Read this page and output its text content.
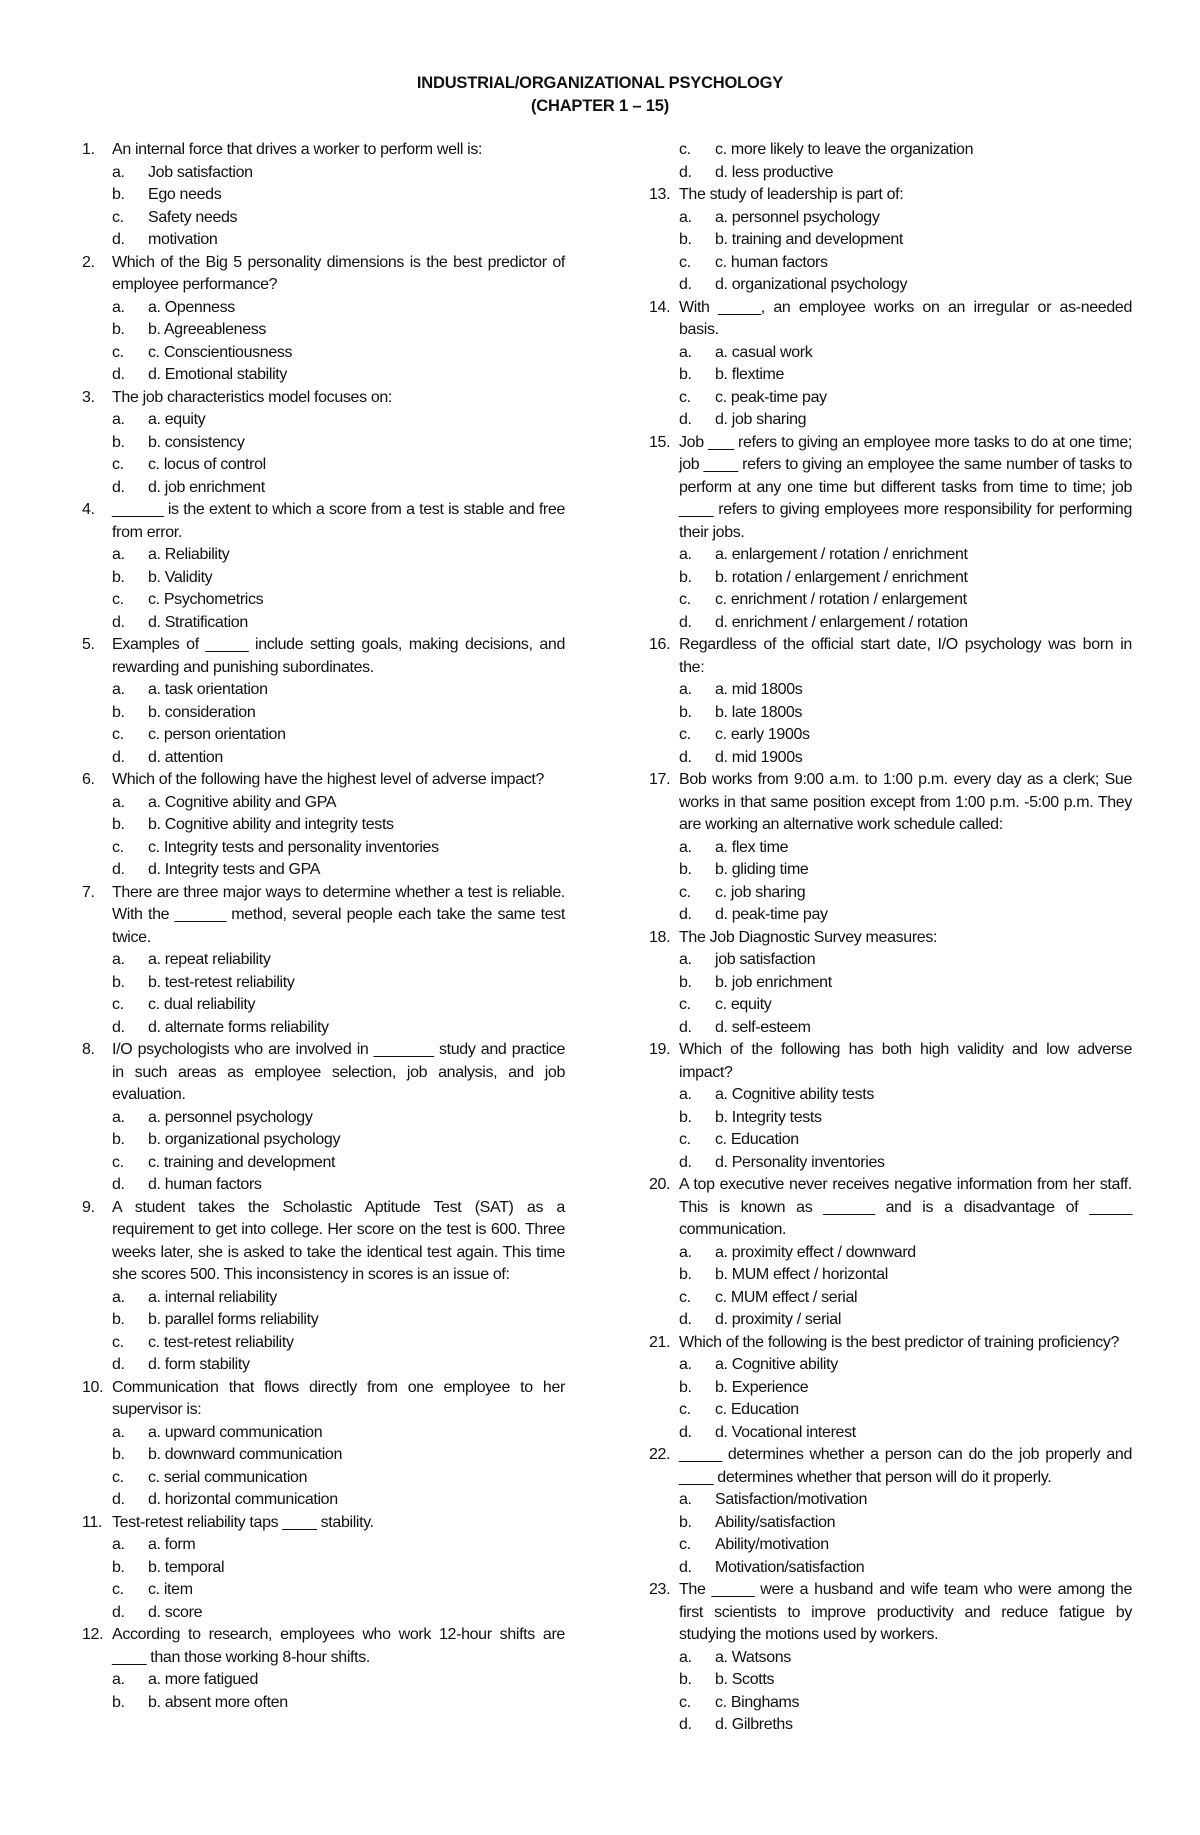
INDUSTRIAL/ORGANIZATIONAL PSYCHOLOGY
(CHAPTER 1 – 15)
1.	An internal force that drives a worker to perform well is:
a. Job satisfaction
b. Ego needs
c. Safety needs
d. motivation
2.	Which of the Big 5 personality dimensions is the best predictor of employee performance?
a. a. Openness
b. b. Agreeableness
c. c. Conscientiousness
d. d. Emotional stability
3.	The job characteristics model focuses on:
a. a. equity
b. b. consistency
c. c. locus of control
d. d. job enrichment
4.	______ is the extent to which a score from a test is stable and free from error.
a. a. Reliability
b. b. Validity
c. c. Psychometrics
d. d. Stratification
5.	Examples of _____ include setting goals, making decisions, and rewarding and punishing subordinates.
a. a. task orientation
b. b. consideration
c. c. person orientation
d. d. attention
6.	Which of the following have the highest level of adverse impact?
a. a. Cognitive ability and GPA
b. b. Cognitive ability and integrity tests
c. c. Integrity tests and personality inventories
d. d. Integrity tests and GPA
7.	There are three major ways to determine whether a test is reliable. With the ______ method, several people each take the same test twice.
a. a. repeat reliability
b. b. test-retest reliability
c. c. dual reliability
d. d. alternate forms reliability
8.	I/O psychologists who are involved in _______ study and practice in such areas as employee selection, job analysis, and job evaluation.
a. a. personnel psychology
b. b. organizational psychology
c. c. training and development
d. d. human factors
9.	A student takes the Scholastic Aptitude Test (SAT) as a requirement to get into college. Her score on the test is 600. Three weeks later, she is asked to take the identical test again. This time she scores 500. This inconsistency in scores is an issue of:
a. a. internal reliability
b. b. parallel forms reliability
c. c. test-retest reliability
d. d. form stability
10. Communication that flows directly from one employee to her supervisor is:
a. a. upward communication
b. b. downward communication
c. c. serial communication
d. d. horizontal communication
11. Test-retest reliability taps ____ stability.
a. a. form
b. b. temporal
c. c. item
d. d. score
12. According to research, employees who work 12-hour shifts are ____ than those working 8-hour shifts.
a. a. more fatigued
b. b. absent more often
c. c. more likely to leave the organization
d. d. less productive
13. The study of leadership is part of:
a. a. personnel psychology
b. b. training and development
c. c. human factors
d. d. organizational psychology
14. With _____, an employee works on an irregular or as-needed basis.
a. a. casual work
b. b. flextime
c. c. peak-time pay
d. d. job sharing
15. Job ___ refers to giving an employee more tasks to do at one time; job ____ refers to giving an employee the same number of tasks to perform at any one time but different tasks from time to time; job ____ refers to giving employees more responsibility for performing their jobs.
a. a. enlargement / rotation / enrichment
b. b. rotation / enlargement / enrichment
c. c. enrichment / rotation / enlargement
d. d. enrichment / enlargement / rotation
16. Regardless of the official start date, I/O psychology was born in the:
a. a. mid 1800s
b. b. late 1800s
c. c. early 1900s
d. d. mid 1900s
17. Bob works from 9:00 a.m. to 1:00 p.m. every day as a clerk; Sue works in that same position except from 1:00 p.m. -5:00 p.m. They are working an alternative work schedule called:
a. a. flex time
b. b. gliding time
c. c. job sharing
d. d. peak-time pay
18. The Job Diagnostic Survey measures:
a. job satisfaction
b. b. job enrichment
c. c. equity
d. d. self-esteem
19. Which of the following has both high validity and low adverse impact?
a. a. Cognitive ability tests
b. b. Integrity tests
c. c. Education
d. d. Personality inventories
20. A top executive never receives negative information from her staff. This is known as ______ and is a disadvantage of _____ communication.
a. a. proximity effect / downward
b. b. MUM effect / horizontal
c. c. MUM effect / serial
d. d. proximity / serial
21. Which of the following is the best predictor of training proficiency?
a. a. Cognitive ability
b. b. Experience
c. c. Education
d. d. Vocational interest
22. _____ determines whether a person can do the job properly and ____ determines whether that person will do it properly.
a. Satisfaction/motivation
b. Ability/satisfaction
c. Ability/motivation
d. Motivation/satisfaction
23. The _____ were a husband and wife team who were among the first scientists to improve productivity and reduce fatigue by studying the motions used by workers.
a. a. Watsons
b. b. Scotts
c. c. Binghams
d. d. Gilbreths
